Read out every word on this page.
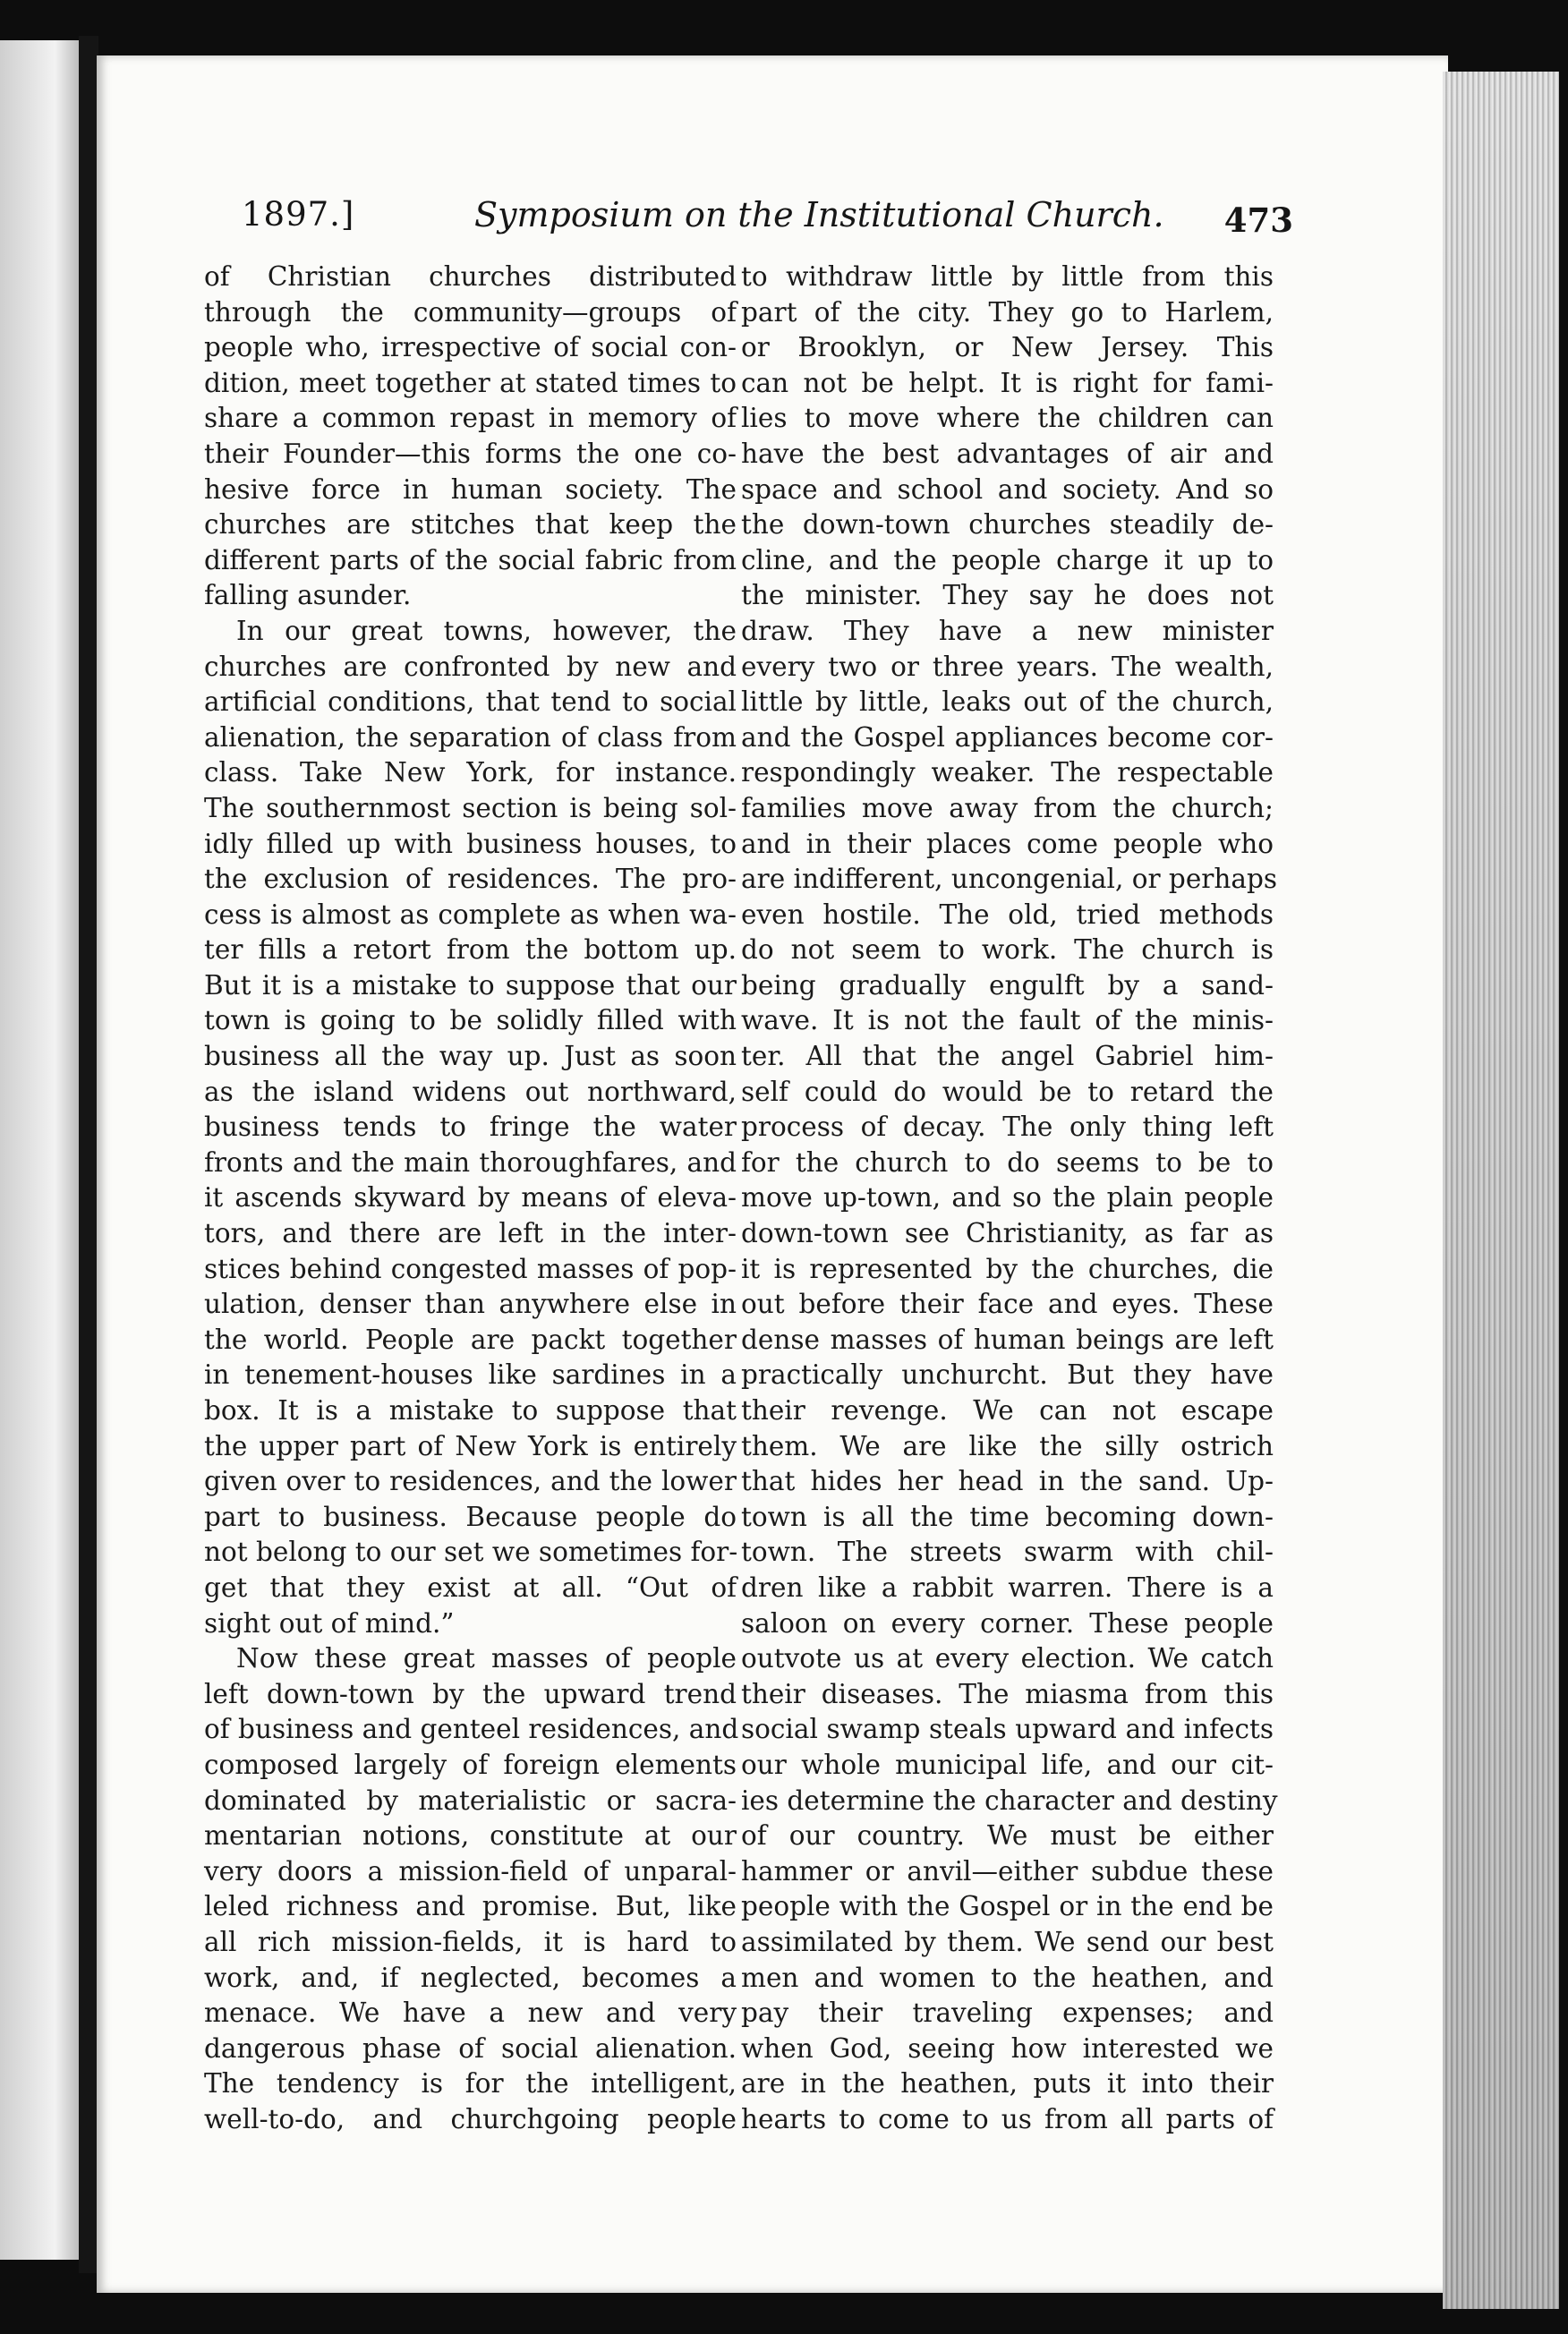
1897.]	Symposium on the Institutional Church. 473
of Christian churches distributed
through the community—groups of
people who, irrespective of social con-
dition, meet together at stated times to
share a common repast in memory of
their Founder—this forms the one co-
hesive force in human society. The
churches are stitches that keep the
different parts of the social fabric from
falling asunder.
In our great towns, however, the
churches are confronted by new and
artificial conditions, that tend to social
alienation, the separation of class from
class. Take New York, for instance.
The southernmost section is being sol-
idly filled up with business houses, to
the exclusion of residences. The pro-
cess is almost as complete as when wa-
ter fills a retort from the bottom up.
But it is a mistake to suppose that our
town is going to be solidly filled with
business all the way up. Just as soon
as the island widens out northward,
business tends to fringe the water
fronts and the main thoroughfares, and
it ascends skyward by means of eleva-
tors, and there are left in the inter-
stices behind congested masses of pop-
ulation, denser than anywhere else in
the world. People are packt together
in tenement-houses like sardines in a
box. It is a mistake to suppose that
the upper part of New York is entirely
given over to residences, and the lower
part to business. Because people do
not belong to our set we sometimes for-
get that they exist at all. “Out of
sight out of mind.”
Now these great masses of people
left down-town by the upward trend
of business and genteel residences, and
composed largely of foreign elements
dominated by materialistic or sacra-
mentarian notions, constitute at our
very doors a mission-field of unparal-
leled richness and promise. But, like
all rich mission-fields, it is hard to
work, and, if neglected, becomes a
menace. We have a new and very
dangerous phase of social alienation.
The tendency is for the intelligent,
well-to-do, and churchgoing people
to withdraw little by little from this
part of the city. They go to Harlem,
or Brooklyn, or New Jersey. This
can not be helpt. It is right for fami-
lies to move where the children can
have the best advantages of air and
space and school and society. And so
the down-town churches steadily de-
cline, and the people charge it up to
the minister. They say he does not
draw. They have a new minister
every two or three years. The wealth,
little by little, leaks out of the church,
and the Gospel appliances become cor-
respondingly weaker. The respectable
families move away from the church;
and in their places come people who
are indifferent, uncongenial, or perhaps
even hostile. The old, tried methods
do not seem to work. The church is
being gradually engulft by a sand-
wave. It is not the fault of the minis-
ter. All that the angel Gabriel him-
self could do would be to retard the
process of decay. The only thing left
for the church to do seems to be to
move up-town, and so the plain people
down-town see Christianity, as far as
it is represented by the churches, die
out before their face and eyes. These
dense masses of human beings are left
practically unchurcht. But they have
their revenge. We can not escape
them. We are like the silly ostrich
that hides her head in the sand. Up-
town is all the time becoming down-
town. The streets swarm with chil-
dren like a rabbit warren. There is a
saloon on every corner. These people
outvote us at every election. We catch
their diseases. The miasma from this
social swamp steals upward and infects
our whole municipal life, and our cit-
ies determine the character and destiny
of our country. We must be either
hammer or anvil—either subdue these
people with the Gospel or in the end be
assimilated by them. We send our best
men and women to the heathen, and
pay their traveling expenses; and
when God, seeing how interested we
are in the heathen, puts it into their
hearts to come to us from all parts of
